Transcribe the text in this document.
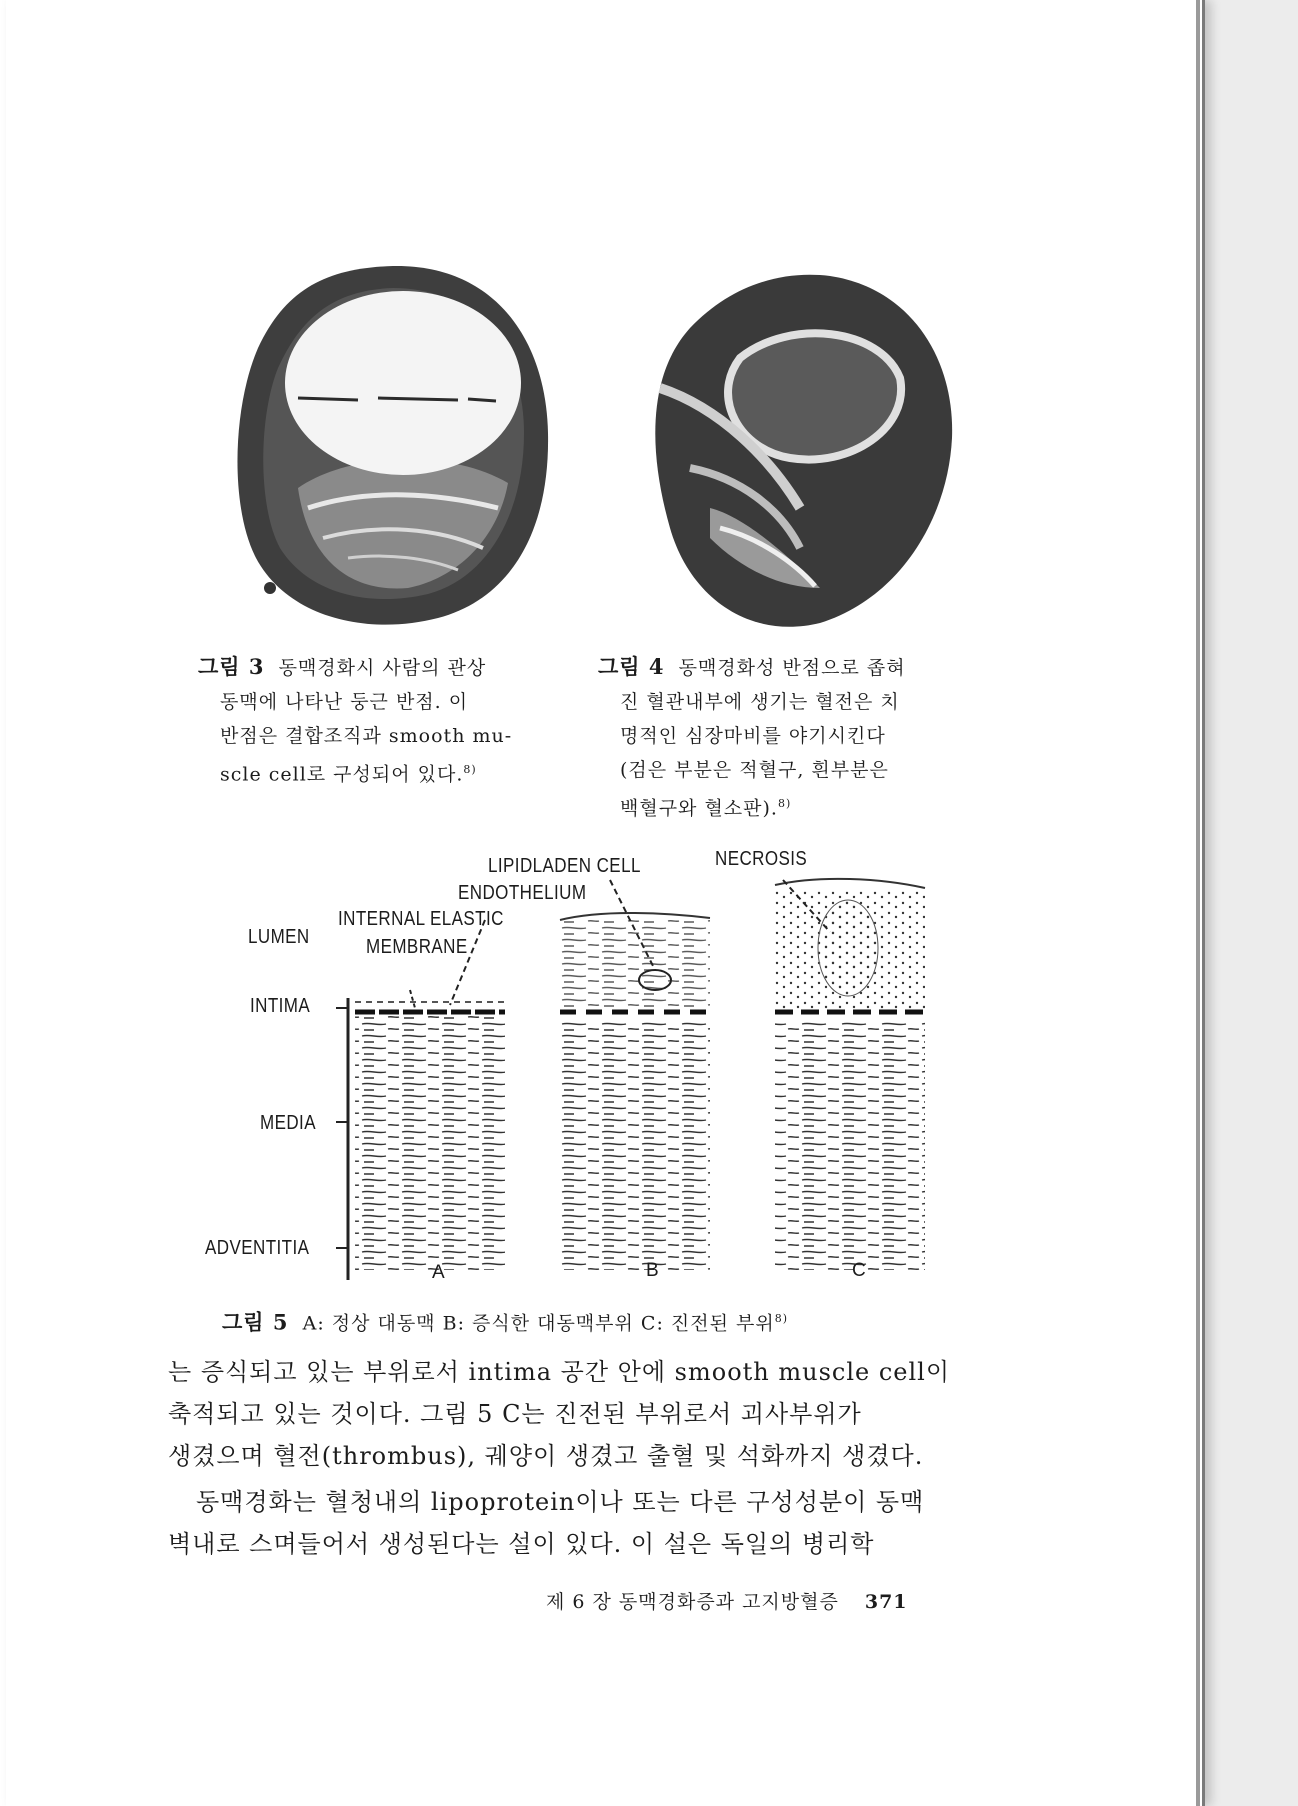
그림 3 동맥경화시 사람의 관상
동맥에 나타난 둥근 반점. 이
반점은 결합조직과 smooth mu-
scle cell로 구성되어 있다.$^{8)}$
그림 4 동맥경화성 반점으로 좁혀
진 혈관내부에 생기는 혈전은 치
명적인 심장마비를 야기시킨다
(검은 부분은 적혈구, 흰부분은
백혈구와 혈소판).$^{8)}$
LUMEN
INTERNAL ELASTIC
MEMBRANE
ENDOTHELIUM
LIPIDLADEN CELL	NECROSIS
INTIMA
MEDIA
ADVENTITIA
A	B	C
그림 5 A: 정상 대동맥 B: 증식한 대동맥부위 C: 진전된 부위$^{8)}$
는 증식되고 있는 부위로서 intima 공간 안에 smooth muscle cell이
축적되고 있는 것이다. 그림 5 C는 진전된 부위로서 괴사부위가
생겼으며 혈전(thrombus), 궤양이 생겼고 출혈 및 석화까지 생겼다.
동맥경화는 혈청내의 lipoprotein이나 또는 다른 구성성분이 동맥
벽내로 스며들어서 생성된다는 설이 있다. 이 설은 독일의 병리학
제 6 장 동맥경화증과 고지방혈증 371
